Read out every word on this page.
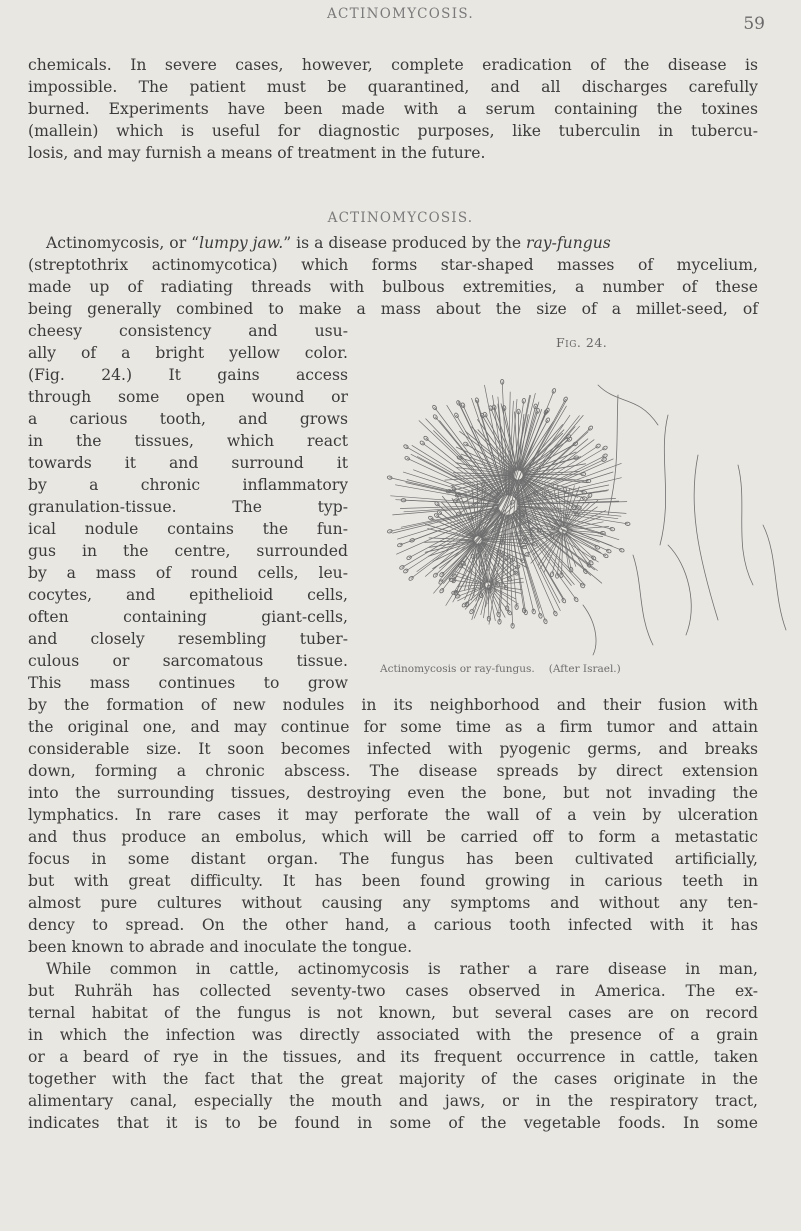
ACTINOMYCOSIS.	59
chemicals. In severe cases, however, complete eradication of the disease is
impossible. The patient must be quarantined, and all discharges carefully
burned. Experiments have been made with a serum containing the toxines
(mallein) which is useful for diagnostic purposes, like tuberculin in tubercu-
losis, and may furnish a means of treatment in the future.
ACTINOMYCOSIS.
Actinomycosis, or “lumpy jaw.” is a disease produced by the ray-fungus
(streptothrix actinomycotica) which forms star-shaped masses of mycelium,
made up of radiating threads with bulbous extremities, a number of these
being generally combined to make a mass about the size of a millet-seed, of
cheesy consistency and usu-
ally of a bright yellow color.
(Fig. 24.) It gains access
through some open wound or
a carious tooth, and grows
in the tissues, which react
towards it and surround it
by a chronic inflammatory
granulation-tissue. The typ-
ical nodule contains the fun-
gus in the centre, surrounded
by a mass of round cells, leu-
cocytes, and epithelioid cells,
often containing giant-cells,
and closely resembling tuber-
culous or sarcomatous tissue.
This mass continues to grow
by the formation of new nodules in its neighborhood and their fusion with
the original one, and may continue for some time as a firm tumor and attain
considerable size. It soon becomes infected with pyogenic germs, and breaks
down, forming a chronic abscess. The disease spreads by direct extension
into the surrounding tissues, destroying even the bone, but not invading the
lymphatics. In rare cases it may perforate the wall of a vein by ulceration
and thus produce an embolus, which will be carried off to form a metastatic
focus in some distant organ. The fungus has been cultivated artificially,
but with great difficulty. It has been found growing in carious teeth in
almost pure cultures without causing any symptoms and without any ten-
dency to spread. On the other hand, a carious tooth infected with it has
been known to abrade and inoculate the tongue.
While common in cattle, actinomycosis is rather a rare disease in man,
but Ruhräh has collected seventy-two cases observed in America. The ex-
ternal habitat of the fungus is not known, but several cases are on record
in which the infection was directly associated with the presence of a grain
or a beard of rye in the tissues, and its frequent occurrence in cattle, taken
together with the fact that the great majority of the cases originate in the
alimentary canal, especially the mouth and jaws, or in the respiratory tract,
indicates that it is to be found in some of the vegetable foods. In some
Fig. 24.
Actinomycosis or ray-fungus. (After Israel.)
